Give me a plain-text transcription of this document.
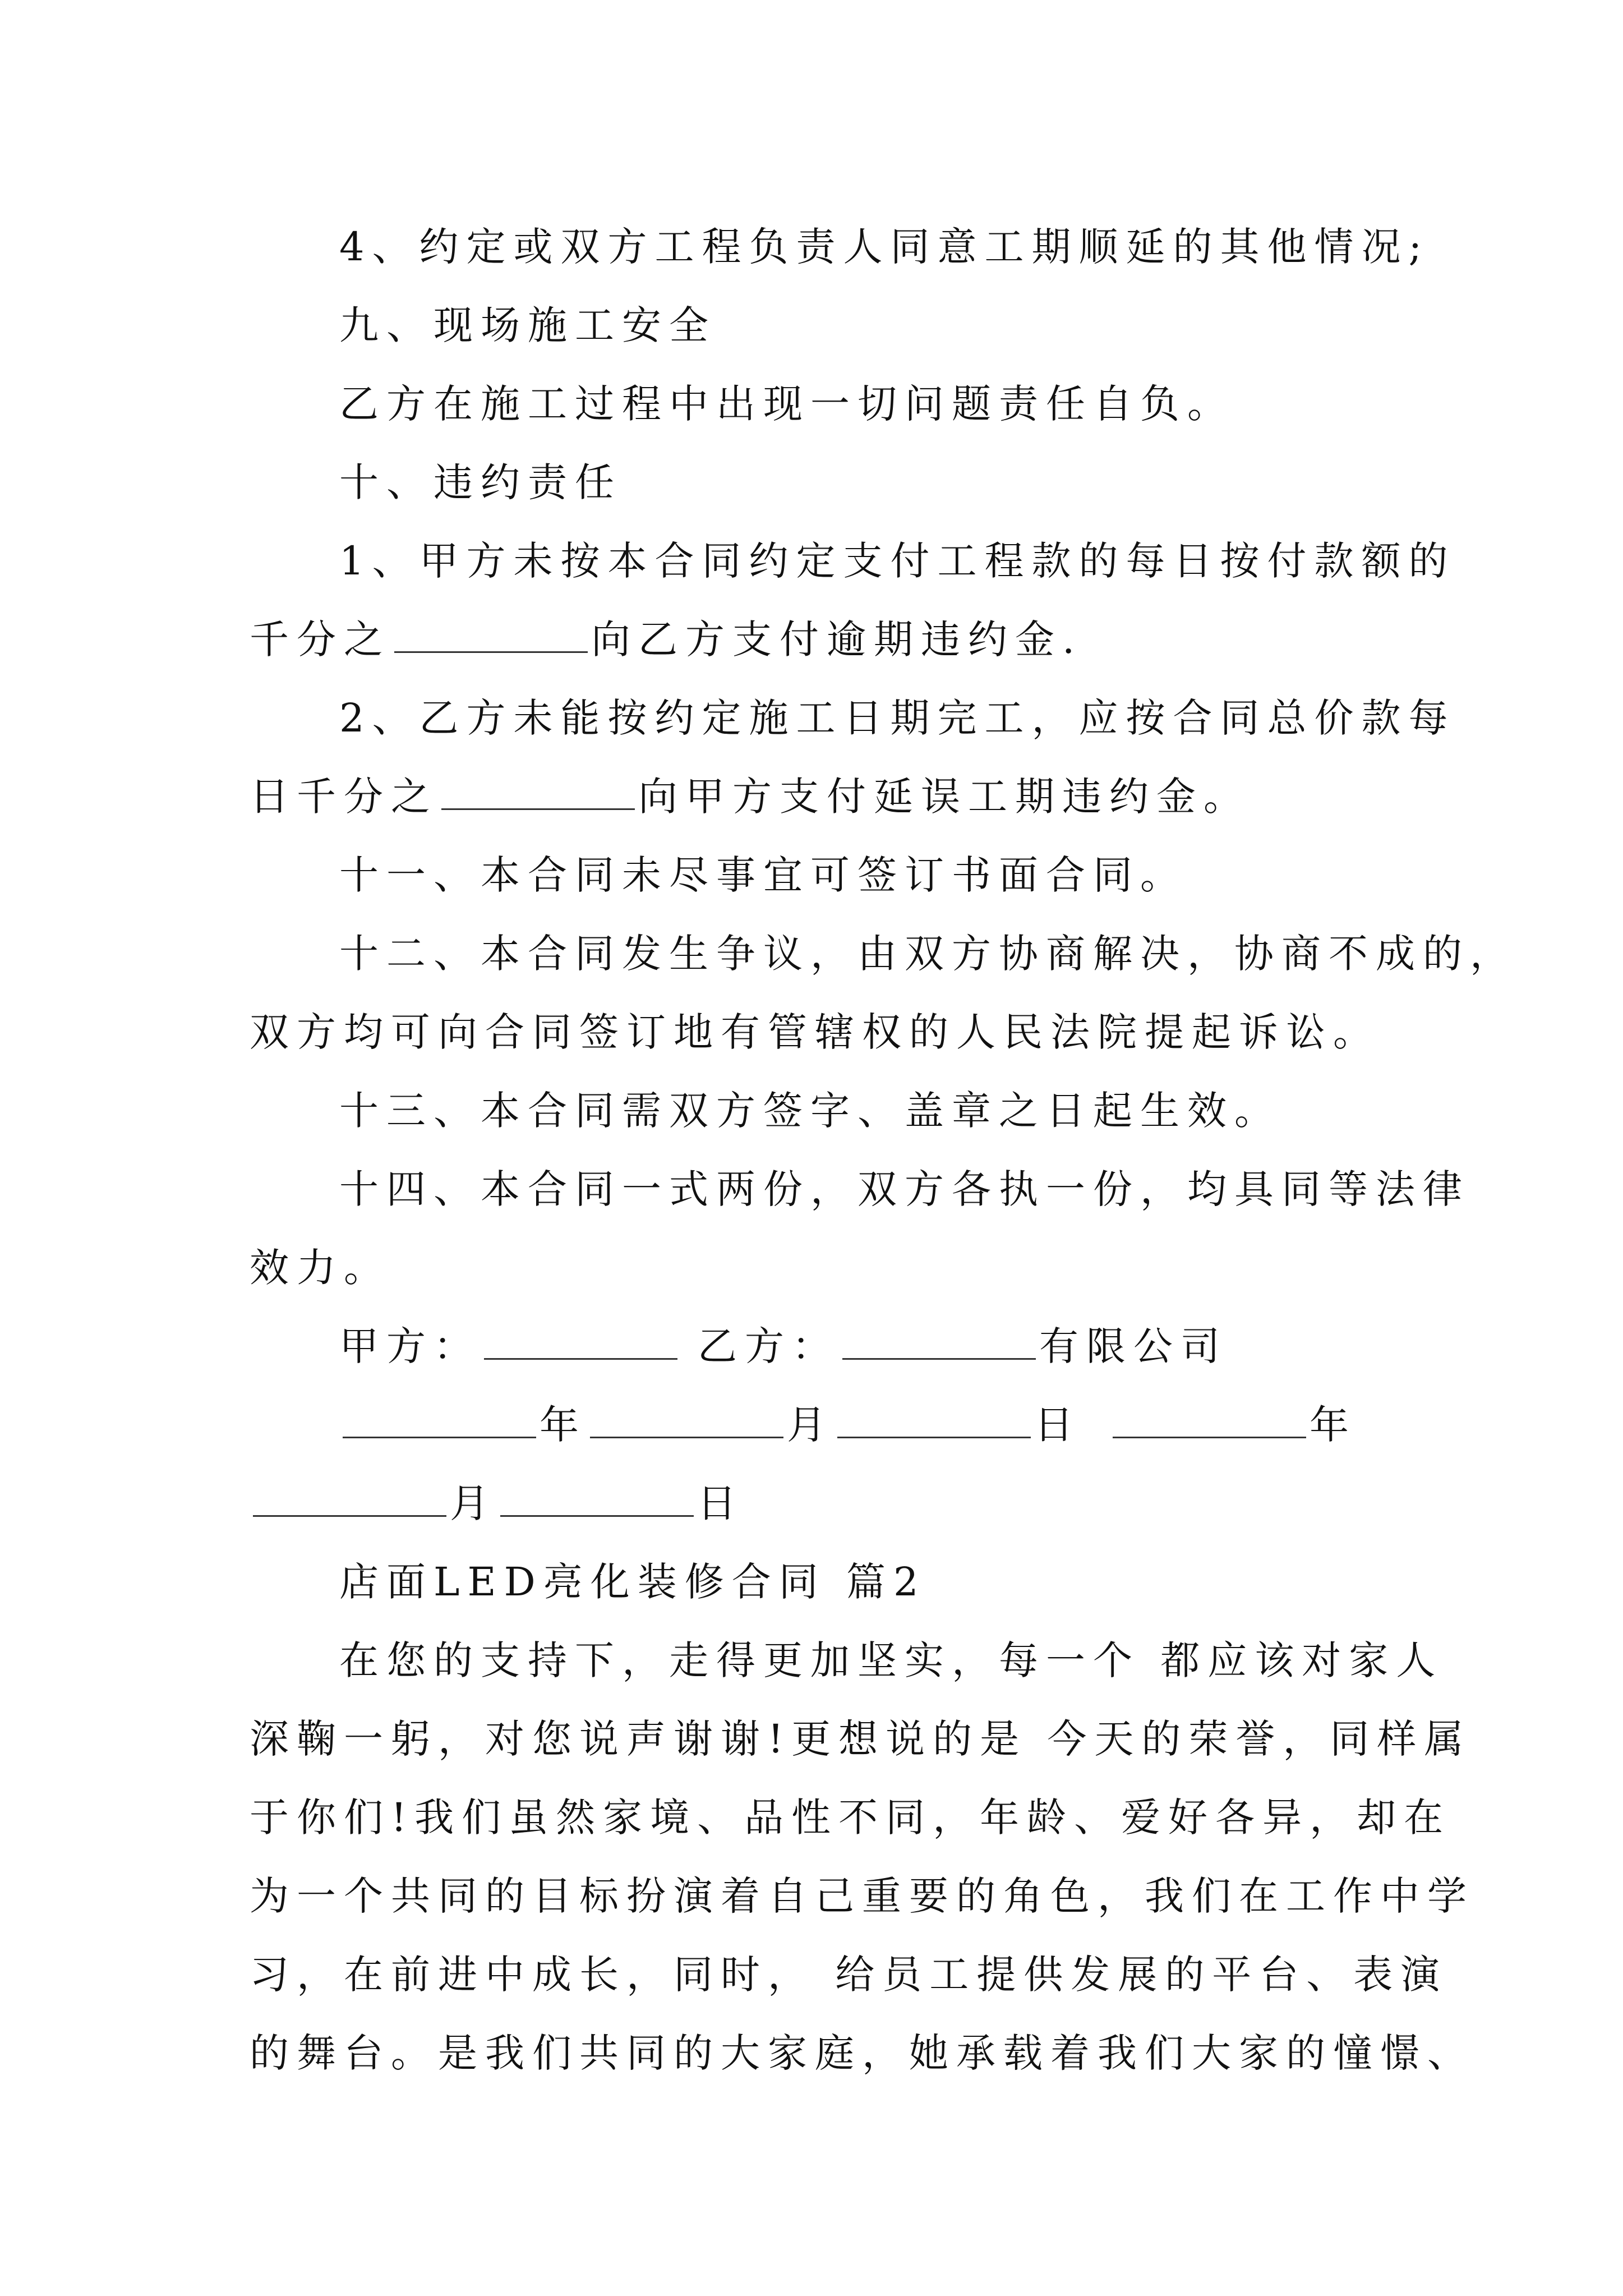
4、约定或双方工程负责人同意工期顺延的其他情况;
九、现场施工安全
乙方在施工过程中出现一切问题责任自负。
十、违约责任
1、甲方未按本合同约定支付工程款的每日按付款额的
千分之	向乙方支付逾期违约金.
2、乙方未能按约定施工日期完工，应按合同总价款每
日千分之	向甲方支付延误工期违约金。
十一、本合同未尽事宜可签订书面合同。
十二、本合同发生争议，由双方协商解决，协商不成的，
双方均可向合同签订地有管辖权的人民法院提起诉讼。
十三、本合同需双方签字、盖章之日起生效。
十四、本合同一式两份，双方各执一份，均具同等法律
效力。
甲方：	乙方：	有限公司
年	月	日	年
月	日
店面LED亮化装修合同 篇2
在您的支持下，走得更加坚实，每一个 都应该对家人
深鞠一躬，对您说声谢谢!更想说的是 今天的荣誉，同样属
于你们!我们虽然家境、品性不同，年龄、爱好各异，却在
为一个共同的目标扮演着自己重要的角色，我们在工作中学
习，在前进中成长，同时， 给员工提供发展的平台、表演
的舞台。是我们共同的大家庭，她承载着我们大家的憧憬、
